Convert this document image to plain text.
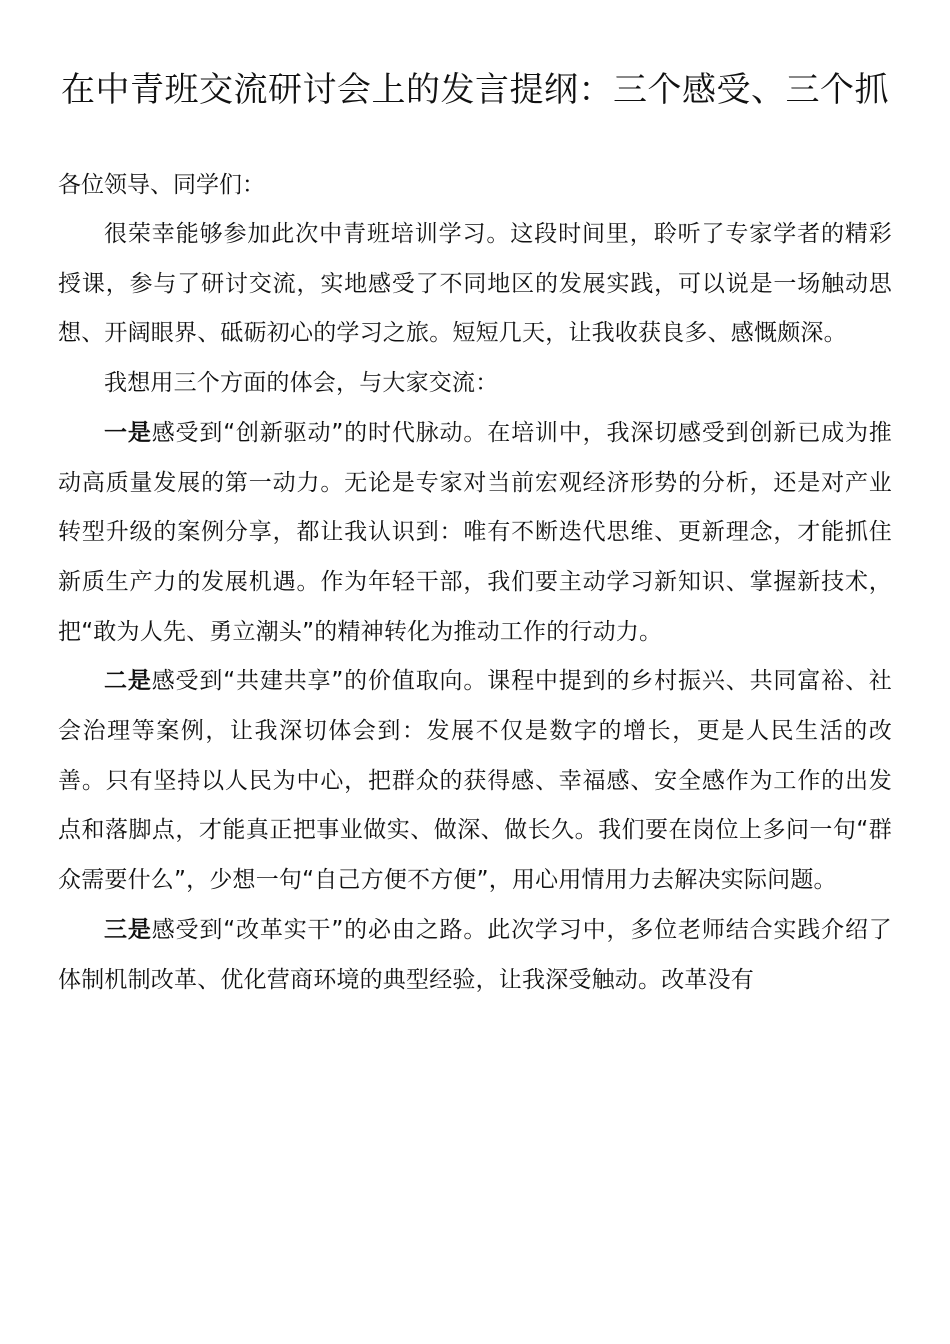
在中青班交流研讨会上的发言提纲：三个感受、三个抓

各位领导、同学们：

很荣幸能够参加此次中青班培训学习。这段时间里，聆听了专家学者的精彩授课，参与了研讨交流，实地感受了不同地区的发展实践，可以说是一场触动思想、开阔眼界、砥砺初心的学习之旅。短短几天，让我收获良多、感慨颇深。

我想用三个方面的体会，与大家交流：

一是感受到“创新驱动”的时代脉动。在培训中，我深切感受到创新已成为推动高质量发展的第一动力。无论是专家对当前宏观经济形势的分析，还是对产业转型升级的案例分享，都让我认识到：唯有不断迭代思维、更新理念，才能抓住新质生产力的发展机遇。作为年轻干部，我们要主动学习新知识、掌握新技术，把“敢为人先、勇立潮头”的精神转化为推动工作的行动力。

二是感受到“共建共享”的价值取向。课程中提到的乡村振兴、共同富裕、社会治理等案例，让我深切体会到：发展不仅是数字的增长，更是人民生活的改善。只有坚持以人民为中心，把群众的获得感、幸福感、安全感作为工作的出发点和落脚点，才能真正把事业做实、做深、做长久。我们要在岗位上多问一句“群众需要什么”，少想一句“自己方便不方便”，用心用情用力去解决实际问题。

三是感受到“改革实干”的必由之路。此次学习中，多位老师结合实践介绍了体制机制改革、优化营商环境的典型经验，让我深受触动。改革没有
